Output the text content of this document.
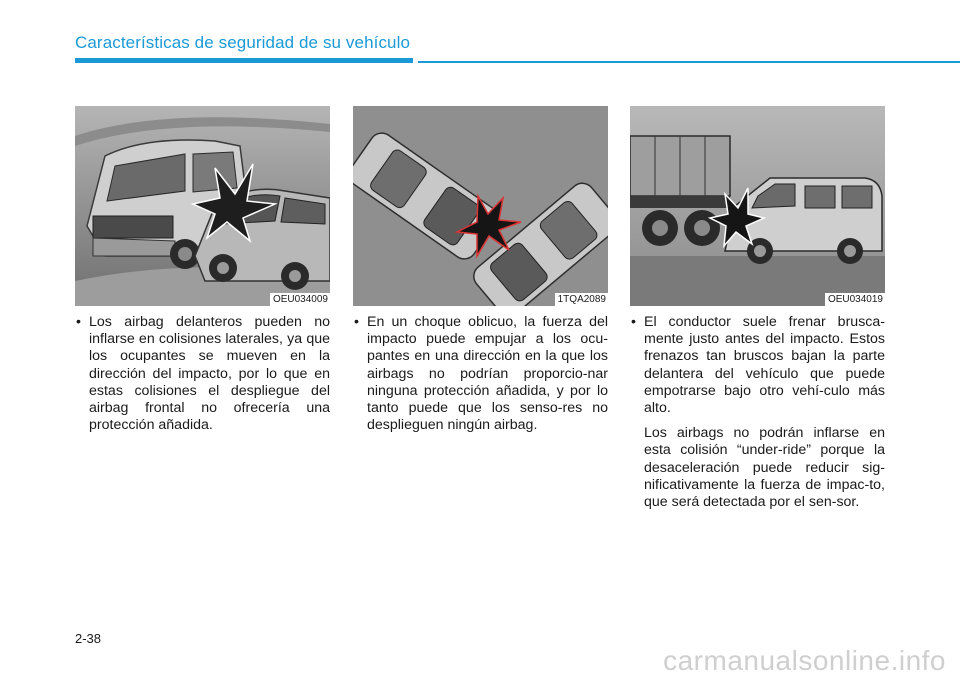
Características de seguridad de su vehículo
OEU034009	1TQA2089	OEU034019
• Los airbag delanteros pueden no inflarse en colisiones laterales, ya que los ocupantes se mueven en la dirección del impacto, por lo que en estas colisiones el despliegue del airbag frontal no ofrecería una protección añadida.
• En un choque oblicuo, la fuerza del impacto puede empujar a los ocu-pantes en una dirección en la que los airbags no podrían proporcio-nar ninguna protección añadida, y por lo tanto puede que los senso-res no desplieguen ningún airbag.
• El conductor suele frenar brusca-mente justo antes del impacto. Estos frenazos tan bruscos bajan la parte delantera del vehículo que puede empotrarse bajo otro vehí-culo más alto.

Los airbags no podrán inflarse en esta colisión “under-ride” porque la desaceleración puede reducir sig-nificativamente la fuerza de impac-to, que será detectada por el sen-sor.

2-38
carmanualsonline.info
